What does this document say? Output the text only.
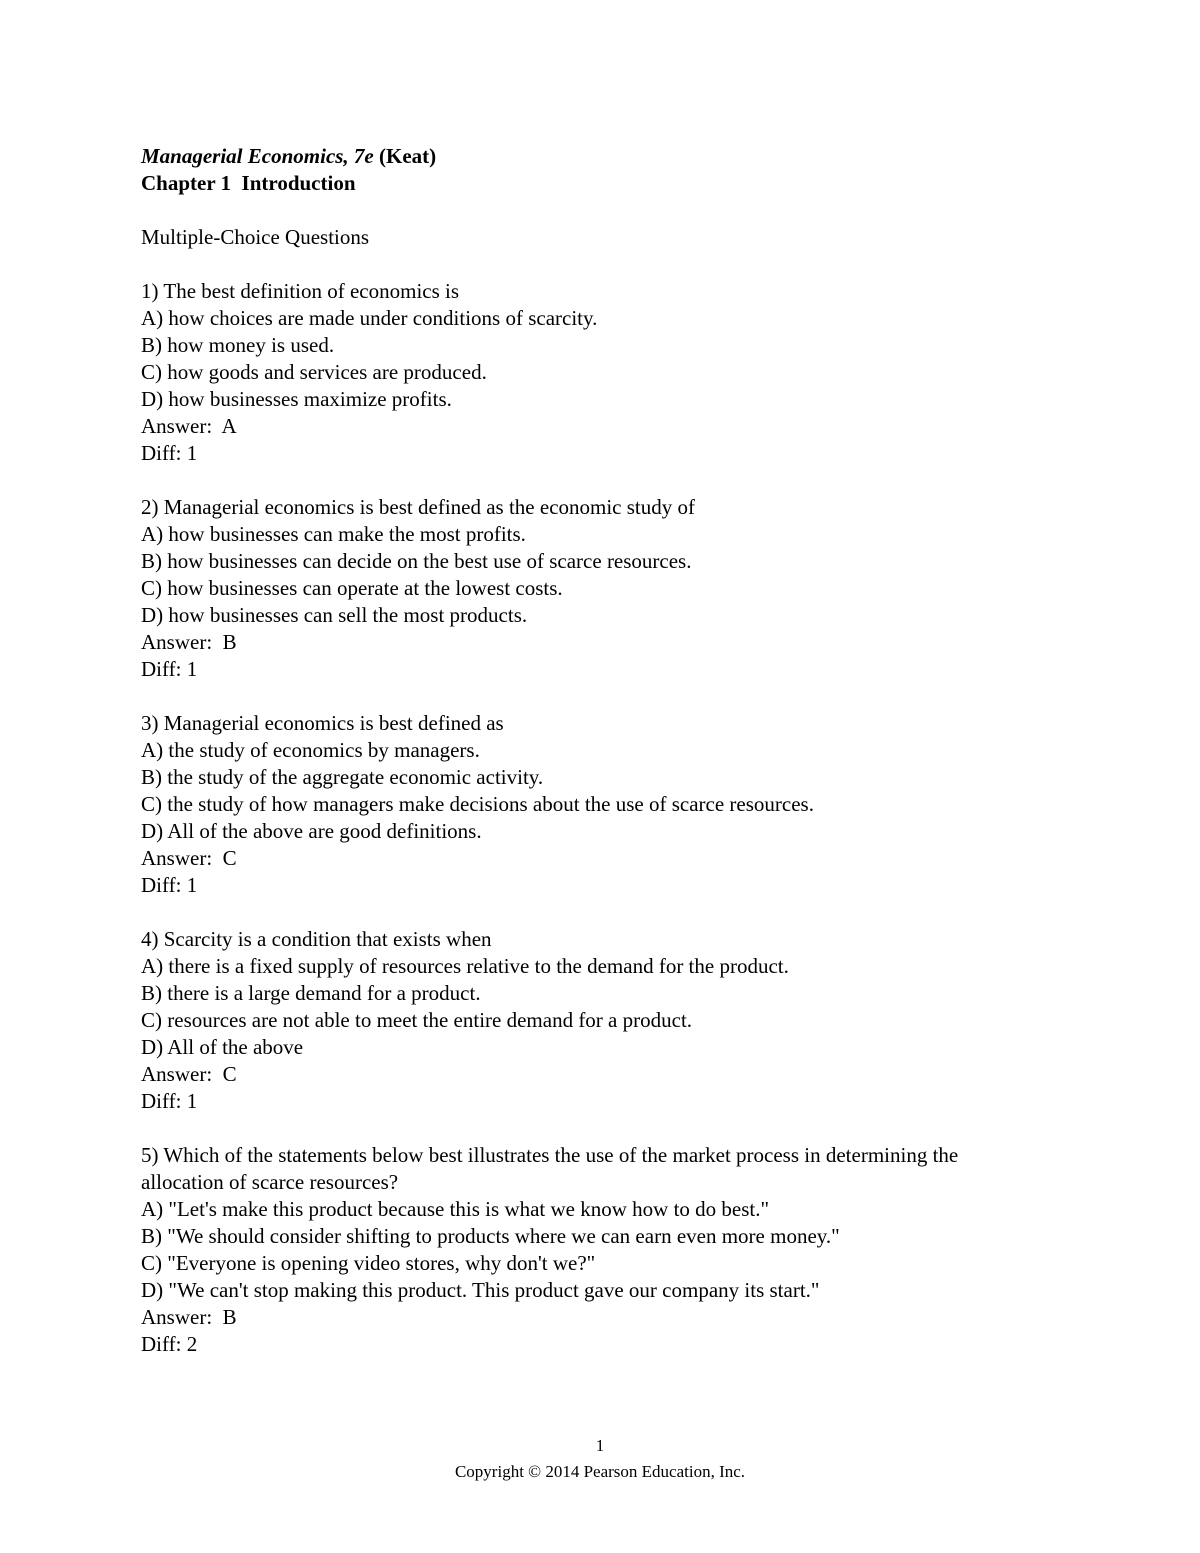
Managerial Economics, 7e (Keat)
Chapter 1  Introduction
Multiple-Choice Questions
1) The best definition of economics is
A) how choices are made under conditions of scarcity.
B) how money is used.
C) how goods and services are produced.
D) how businesses maximize profits.
Answer:  A
Diff: 1
2) Managerial economics is best defined as the economic study of
A) how businesses can make the most profits.
B) how businesses can decide on the best use of scarce resources.
C) how businesses can operate at the lowest costs.
D) how businesses can sell the most products.
Answer:  B
Diff: 1
3) Managerial economics is best defined as
A) the study of economics by managers.
B) the study of the aggregate economic activity.
C) the study of how managers make decisions about the use of scarce resources.
D) All of the above are good definitions.
Answer:  C
Diff: 1
4) Scarcity is a condition that exists when
A) there is a fixed supply of resources relative to the demand for the product.
B) there is a large demand for a product.
C) resources are not able to meet the entire demand for a product.
D) All of the above
Answer:  C
Diff: 1
5) Which of the statements below best illustrates the use of the market process in determining the
allocation of scarce resources?
A) "Let's make this product because this is what we know how to do best."
B) "We should consider shifting to products where we can earn even more money."
C) "Everyone is opening video stores, why don't we?"
D) "We can't stop making this product. This product gave our company its start."
Answer:  B
Diff: 2
1
Copyright © 2014 Pearson Education, Inc.
